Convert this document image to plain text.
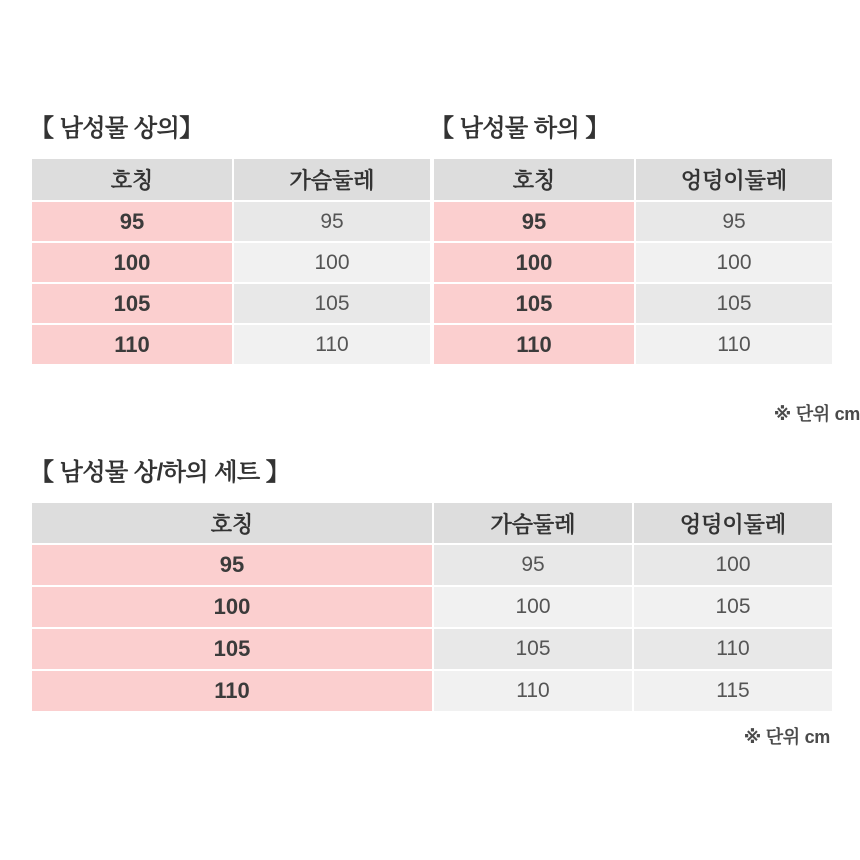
【 남성물 상의】	【 남성물 하의 】
호칭	가슴둘레
95	95
100	100
105	105
110	110
호칭	엉덩이둘레
95	95
100	100
105	105
110	110
※ 단위 cm
【 남성물 상/하의 세트 】
호칭	가슴둘레	엉덩이둘레
95	95	100
100	100	105
105	105	110
110	110	115
※ 단위 cm
